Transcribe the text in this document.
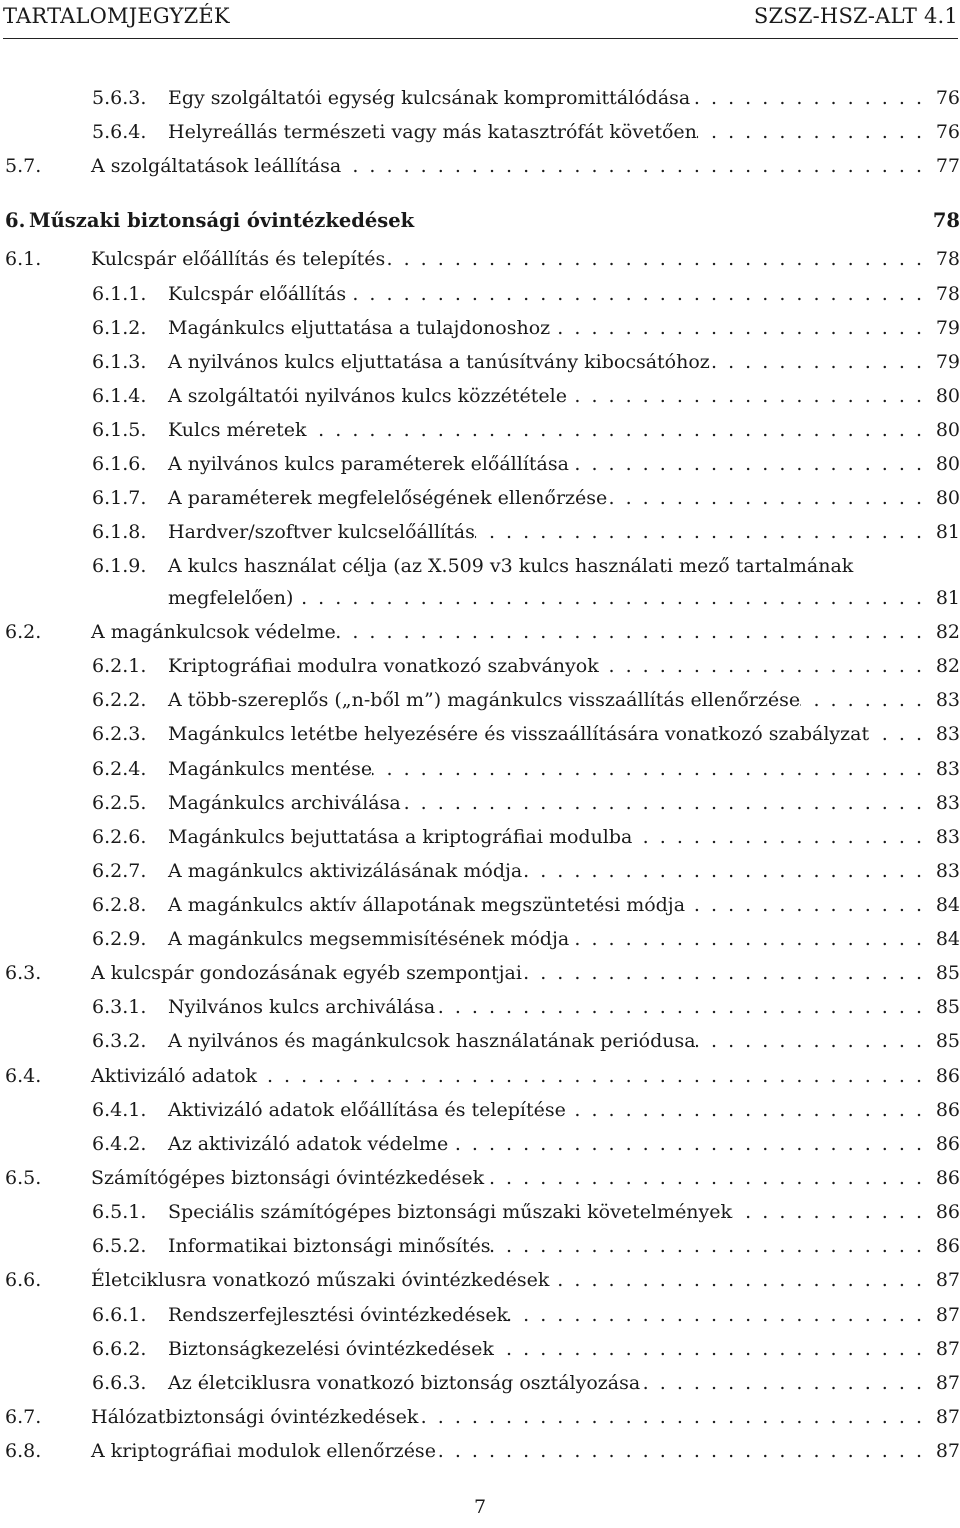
TARTALOMJEGYZÉK	SZSZ-HSZ-ALT 4.1
5.6.3.	Egy szolgáltatói egység kulcsának kompromittálódása . . .	76
5.6.4.	Helyreállás természeti vagy más katasztrófát követően . . .	76
5.7.	A szolgáltatások leállítása . . .	77
6. Műszaki biztonsági óvintézkedések	78
6.1.	Kulcspár előállítás és telepítés . . .	78
6.1.1.	Kulcspár előállítás . . .	78
6.1.2.	Magánkulcs eljuttatása a tulajdonoshoz . . .	79
6.1.3.	A nyilvános kulcs eljuttatása a tanúsítvány kibocsátóhoz . . .	79
6.1.4.	A szolgáltatói nyilvános kulcs közzététele . . .	80
6.1.5.	Kulcs méretek . . .	80
6.1.6.	A nyilvános kulcs paraméterek előállítása . . .	80
6.1.7.	A paraméterek megfelelőségének ellenőrzése . . .	80
6.1.8.	Hardver/szoftver kulcselőállítás . . .	81
6.1.9.	A kulcs használat célja (az X.509 v3 kulcs használati mező tartalmának
megfelelően) . . .	81
6.2.	A magánkulcsok védelme . . .	82
6.2.1.	Kriptográfiai modulra vonatkozó szabványok . . .	82
6.2.2.	A több-szereplős („n-ből m”) magánkulcs visszaállítás ellenőrzése . . .	83
6.2.3.	Magánkulcs letétbe helyezésére és visszaállítására vonatkozó szabályzat . . .	83
6.2.4.	Magánkulcs mentése . . .	83
6.2.5.	Magánkulcs archiválása . . .	83
6.2.6.	Magánkulcs bejuttatása a kriptográfiai modulba . . .	83
6.2.7.	A magánkulcs aktivizálásának módja . . .	83
6.2.8.	A magánkulcs aktív állapotának megszüntetési módja . . .	84
6.2.9.	A magánkulcs megsemmisítésének módja . . .	84
6.3.	A kulcspár gondozásának egyéb szempontjai . . .	85
6.3.1.	Nyilvános kulcs archiválása . . .	85
6.3.2.	A nyilvános és magánkulcsok használatának periódusa . . .	85
6.4.	Aktivizáló adatok . . .	86
6.4.1.	Aktivizáló adatok előállítása és telepítése . . .	86
6.4.2.	Az aktivizáló adatok védelme . . .	86
6.5.	Számítógépes biztonsági óvintézkedések . . .	86
6.5.1.	Speciális számítógépes biztonsági műszaki követelmények . . .	86
6.5.2.	Informatikai biztonsági minősítés . . .	86
6.6.	Életciklusra vonatkozó műszaki óvintézkedések . . .	87
6.6.1.	Rendszerfejlesztési óvintézkedések . . .	87
6.6.2.	Biztonságkezelési óvintézkedések . . .	87
6.6.3.	Az életciklusra vonatkozó biztonság osztályozása . . .	87
6.7.	Hálózatbiztonsági óvintézkedések . . .	87
6.8.	A kriptográfiai modulok ellenőrzése . . .	87
7
